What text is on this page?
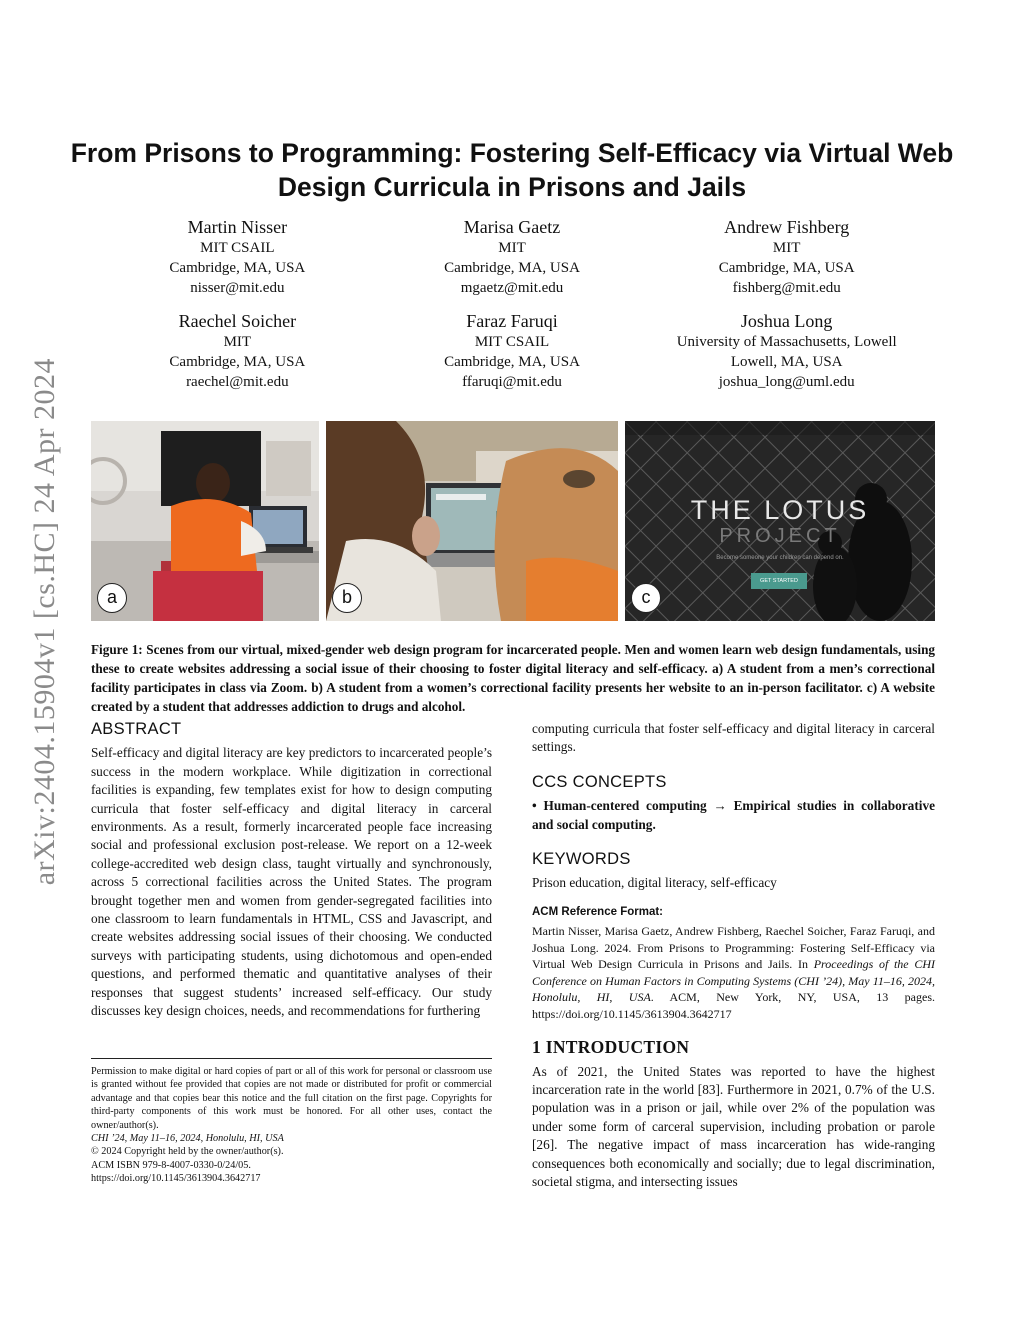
arXiv:2404.15904v1 [cs.HC] 24 Apr 2024
From Prisons to Programming: Fostering Self-Efficacy via Virtual Web Design Curricula in Prisons and Jails
Martin Nisser
MIT CSAIL
Cambridge, MA, USA
nisser@mit.edu
Marisa Gaetz
MIT
Cambridge, MA, USA
mgaetz@mit.edu
Andrew Fishberg
MIT
Cambridge, MA, USA
fishberg@mit.edu
Raechel Soicher
MIT
Cambridge, MA, USA
raechel@mit.edu
Faraz Faruqi
MIT CSAIL
Cambridge, MA, USA
ffaruqi@mit.edu
Joshua Long
University of Massachusetts, Lowell
Lowell, MA, USA
joshua_long@uml.edu
a	b
THE LOTUS
PROJECT
Become someone your children can depend on.
GET STARTED
c
Figure 1: Scenes from our virtual, mixed-gender web design program for incarcerated people. Men and women learn web design fundamentals, using these to create websites addressing a social issue of their choosing to foster digital literacy and self-efficacy. a) A student from a men’s correctional facility participates in class via Zoom. b) A student from a women’s correctional facility presents her website to an in-person facilitator. c) A website created by a student that addresses addiction to drugs and alcohol.
ABSTRACT

Self-efficacy and digital literacy are key predictors to incarcerated people’s success in the modern workplace. While digitization in correctional facilities is expanding, few templates exist for how to design computing curricula that foster self-efficacy and digital literacy in carceral environments. As a result, formerly incarcerated people face increasing social and professional exclusion post-release. We report on a 12-week college-accredited web design class, taught virtually and synchronously, across 5 correctional facilities across the United States. The program brought together men and women from gender-segregated facilities into one classroom to learn fundamentals in HTML, CSS and Javascript, and create websites addressing social issues of their choosing. We conducted surveys with participating students, using dichotomous and open-ended questions, and performed thematic and quantitative analyses of their responses that suggest students’ increased self-efficacy. Our study discusses key design choices, needs, and recommendations for furthering

Permission to make digital or hard copies of part or all of this work for personal or classroom use is granted without fee provided that copies are not made or distributed for profit or commercial advantage and that copies bear this notice and the full citation on the first page. Copyrights for third-party components of this work must be honored. For all other uses, contact the owner/author(s).
CHI ’24, May 11–16, 2024, Honolulu, HI, USA
© 2024 Copyright held by the owner/author(s).
ACM ISBN 979-8-4007-0330-0/24/05.
https://doi.org/10.1145/3613904.3642717

computing curricula that foster self-efficacy and digital literacy in carceral settings.

CCS CONCEPTS

• Human-centered computing → Empirical studies in collaborative and social computing.

KEYWORDS

Prison education, digital literacy, self-efficacy

ACM Reference Format:

Martin Nisser, Marisa Gaetz, Andrew Fishberg, Raechel Soicher, Faraz Faruqi, and Joshua Long. 2024. From Prisons to Programming: Fostering Self-Efficacy via Virtual Web Design Curricula in Prisons and Jails. In Proceedings of the CHI Conference on Human Factors in Computing Systems (CHI ’24), May 11–16, 2024, Honolulu, HI, USA. ACM, New York, NY, USA, 13 pages. https://doi.org/10.1145/3613904.3642717

1 INTRODUCTION

As of 2021, the United States was reported to have the highest incarceration rate in the world [83]. Furthermore in 2021, 0.7% of the U.S. population was in a prison or jail, while over 2% of the population was under some form of carceral supervision, including probation or parole [26]. The negative impact of mass incarceration has wide-ranging consequences both economically and socially; due to legal discrimination, societal stigma, and intersecting issues
